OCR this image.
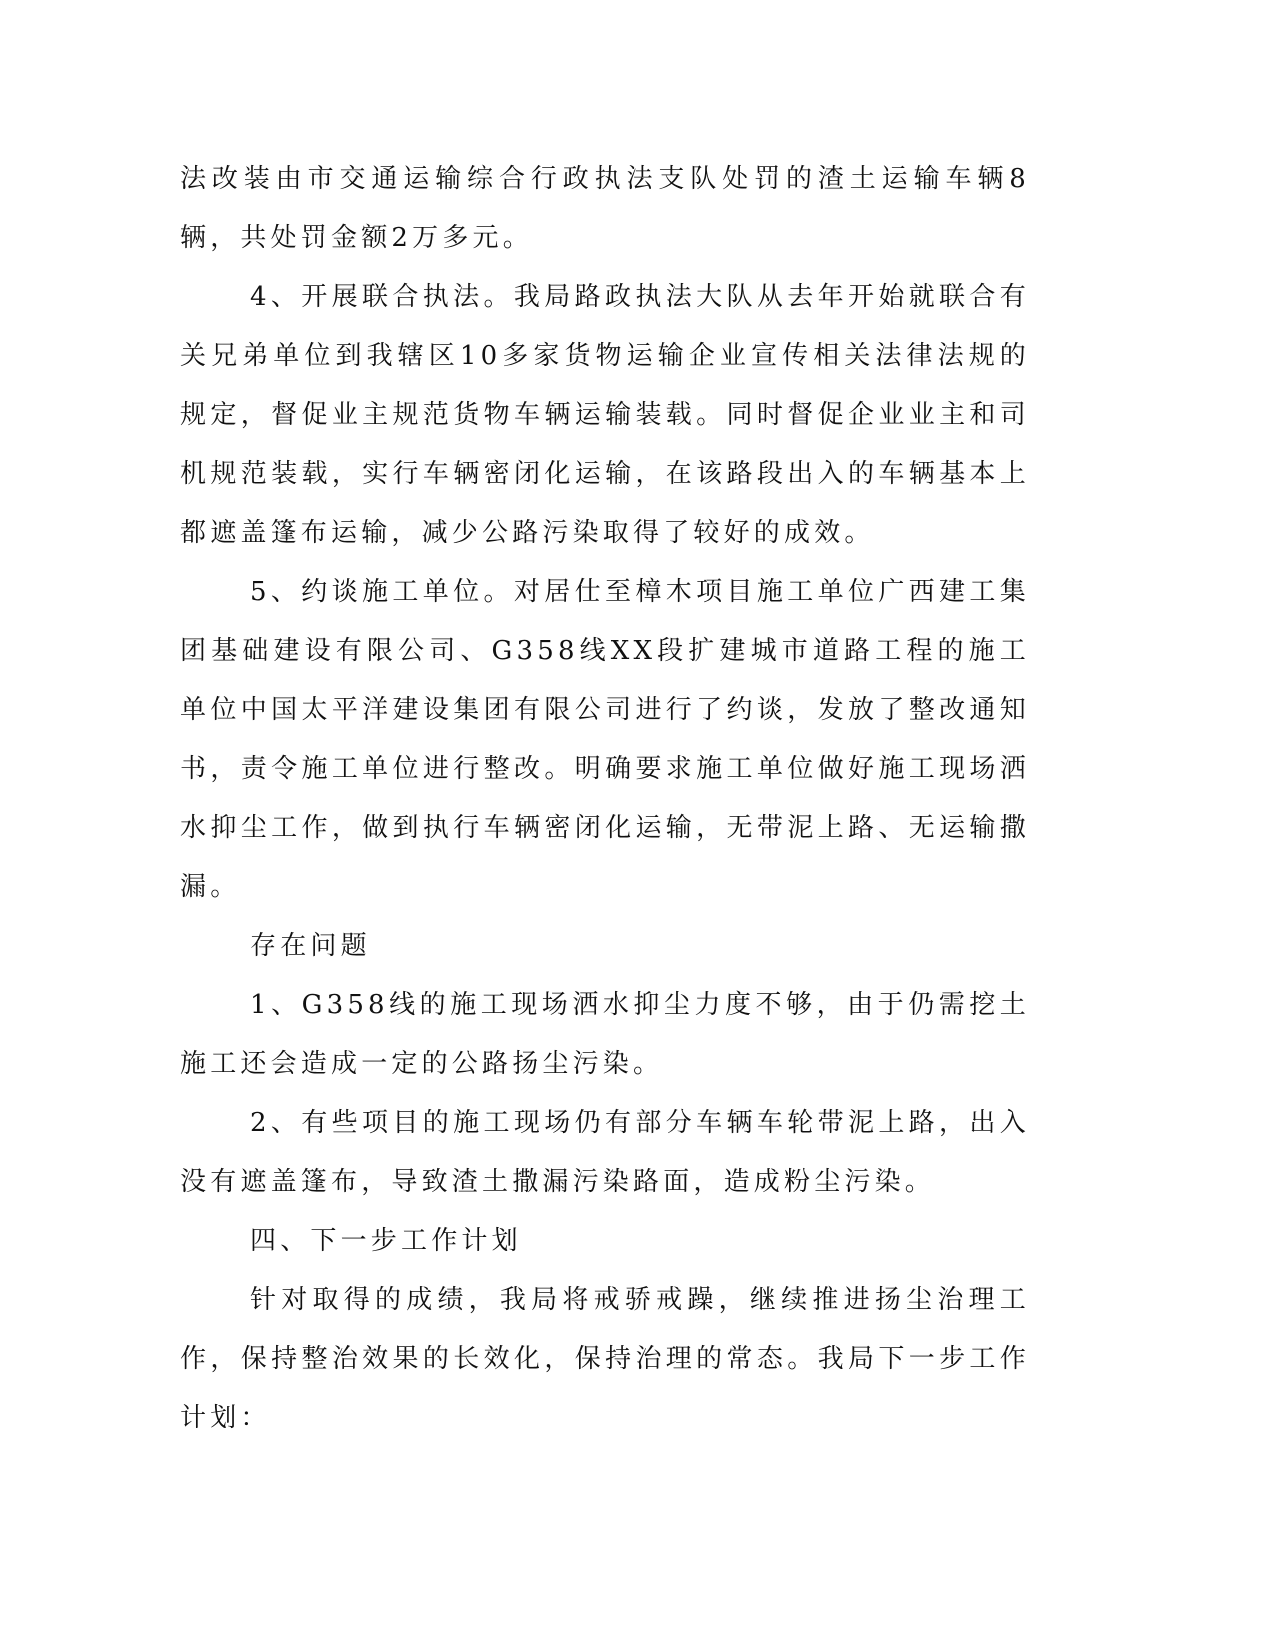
法改装由市交通运输综合行政执法支队处罚的渣土运输车辆8辆，共处罚金额2万多元。

4、开展联合执法。我局路政执法大队从去年开始就联合有关兄弟单位到我辖区10多家货物运输企业宣传相关法律法规的规定，督促业主规范货物车辆运输装载。同时督促企业业主和司机规范装载，实行车辆密闭化运输，在该路段出入的车辆基本上都遮盖篷布运输，减少公路污染取得了较好的成效。

5、约谈施工单位。对居仕至樟木项目施工单位广西建工集团基础建设有限公司、G358线XX段扩建城市道路工程的施工单位中国太平洋建设集团有限公司进行了约谈，发放了整改通知书，责令施工单位进行整改。明确要求施工单位做好施工现场洒水抑尘工作，做到执行车辆密闭化运输，无带泥上路、无运输撒漏。

存在问题

1、G358线的施工现场洒水抑尘力度不够，由于仍需挖土施工还会造成一定的公路扬尘污染。

2、有些项目的施工现场仍有部分车辆车轮带泥上路，出入没有遮盖篷布，导致渣土撒漏污染路面，造成粉尘污染。

四、下一步工作计划

针对取得的成绩，我局将戒骄戒躁，继续推进扬尘治理工作，保持整治效果的长效化，保持治理的常态。我局下一步工作计划：
